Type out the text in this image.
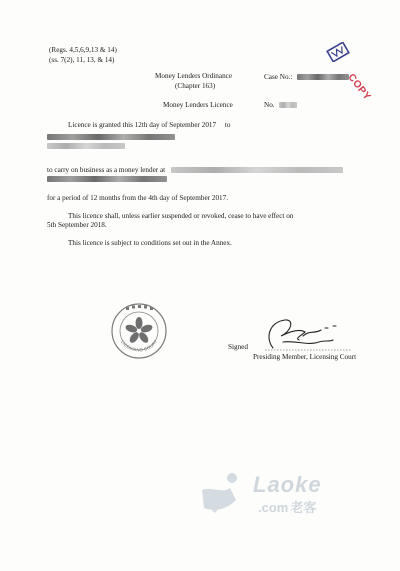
(Regs. 4,5,6,9,13 & 14)
(ss. 7(2), 11, 13, & 14)
Money Lenders Ordinance
(Chapter 163)
Money Lenders Licence
Case No.:
No.
COPY
Licence is granted this 12th day of September 2017 to
to carry on business as a money lender at
for a period of 12 months from the 4th day of September 2017.
This licence shall, unless earlier suspended or revoked, cease to have effect on
5th September 2018.
This licence is subject to conditions set out in the Annex.
LICENSING COURT
Signed
Presiding Member, Licensing Court
Laoke
.com 老客
